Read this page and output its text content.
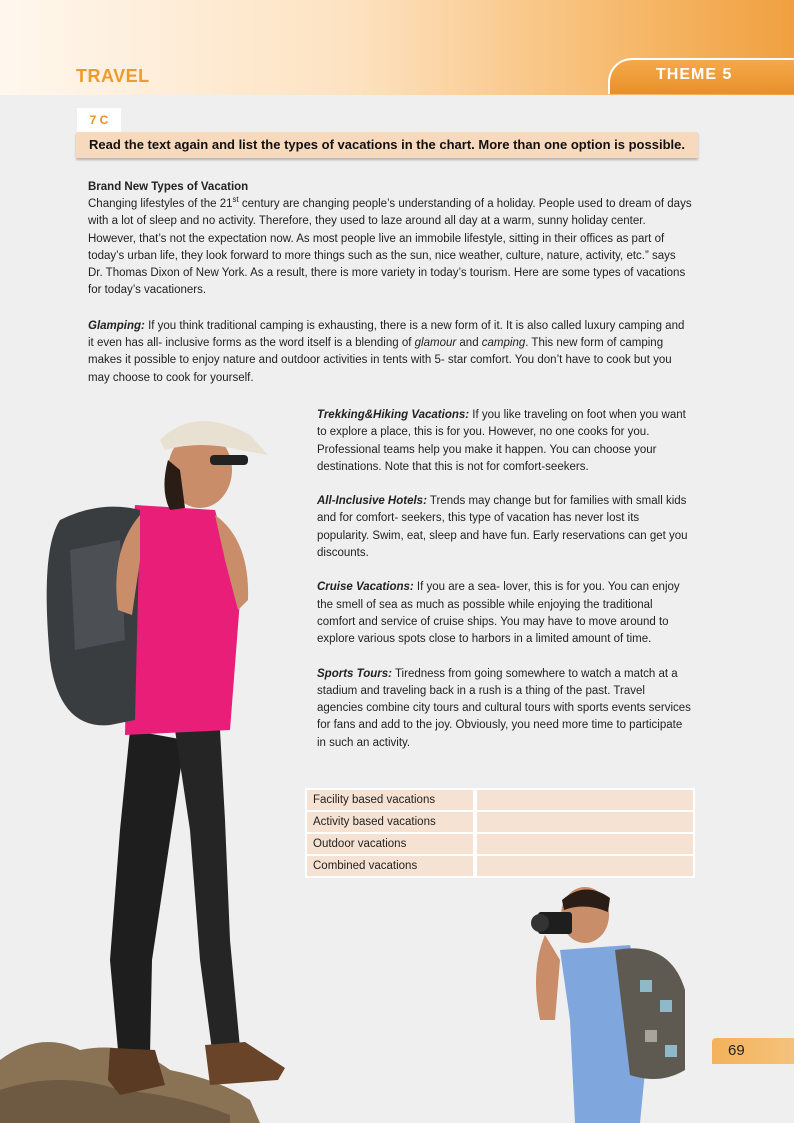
TRAVEL	THEME 5
7 C
Read the text again and list the types of vacations in the chart. More than one option is possible.
Brand New Types of Vacation
Changing lifestyles of the 21st century are changing people’s understanding of a holiday. People used to dream of days with a lot of sleep and no activity. Therefore, they used to laze around all day at a warm, sunny holiday center. However, that’s not the expectation now. As most people live an immobile lifestyle, sitting in their offices as part of today’s urban life, they look forward to more things such as the sun, nice weather, culture, nature, activity, etc.” says Dr. Thomas Dixon of New York. As a result, there is more variety in today’s tourism. Here are some types of vacations for today’s vacationers.
Glamping: If you think traditional camping is exhausting, there is a new form of it. It is also called luxury camping and it even has all- inclusive forms as the word itself is a blending of glamour and camping. This new form of camping makes it possible to enjoy nature and outdoor activities in tents with 5- star comfort. You don’t have to cook but you may choose to cook for yourself.

Trekking&Hiking Vacations: If you like traveling on foot when you want to explore a place, this is for you. However, no one cooks for you. Professional teams help you make it happen. You can choose your destinations. Note that this is not for comfort-seekers.

All-Inclusive Hotels: Trends may change but for families with small kids and for comfort- seekers, this type of vacation has never lost its popularity. Swim, eat, sleep and have fun. Early reservations can get you discounts.

Cruise Vacations: If you are a sea- lover, this is for you. You can enjoy the smell of sea as much as possible while enjoying the traditional comfort and service of cruise ships. You may have to move around to explore various spots close to harbors in a limited amount of time.

Sports Tours: Tiredness from going somewhere to watch a match at a stadium and traveling back in a rush is a thing of the past. Travel agencies combine city tours and cultural tours with sports events services for fans and add to the joy. Obviously, you need more time to participate in such an activity.

Facility based vacations
Activity based vacations
Outdoor vacations
Combined vacations
69
